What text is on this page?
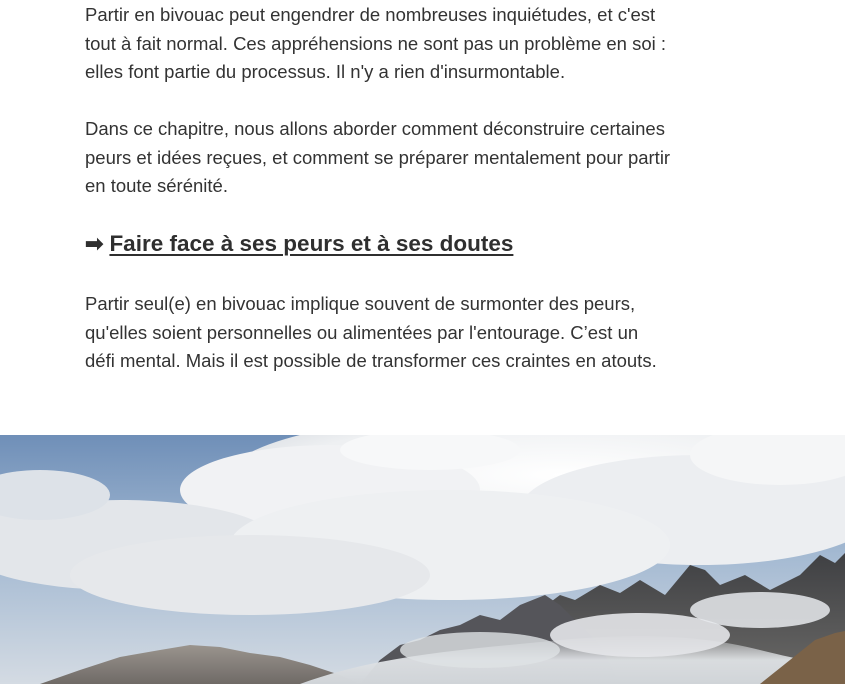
Partir en bivouac peut engendrer de nombreuses inquiétudes, et c'est
tout à fait normal. Ces appréhensions ne sont pas un problème en soi :
elles font partie du processus. Il n'y a rien d'insurmontable.

Dans ce chapitre, nous allons aborder comment déconstruire certaines
peurs et idées reçues, et comment se préparer mentalement pour partir
en toute sérénité.

➡ Faire face à ses peurs et à ses doutes

Partir seul(e) en bivouac implique souvent de surmonter des peurs,
qu'elles soient personnelles ou alimentées par l'entourage. C’est un
défi mental. Mais il est possible de transformer ces craintes en atouts.
